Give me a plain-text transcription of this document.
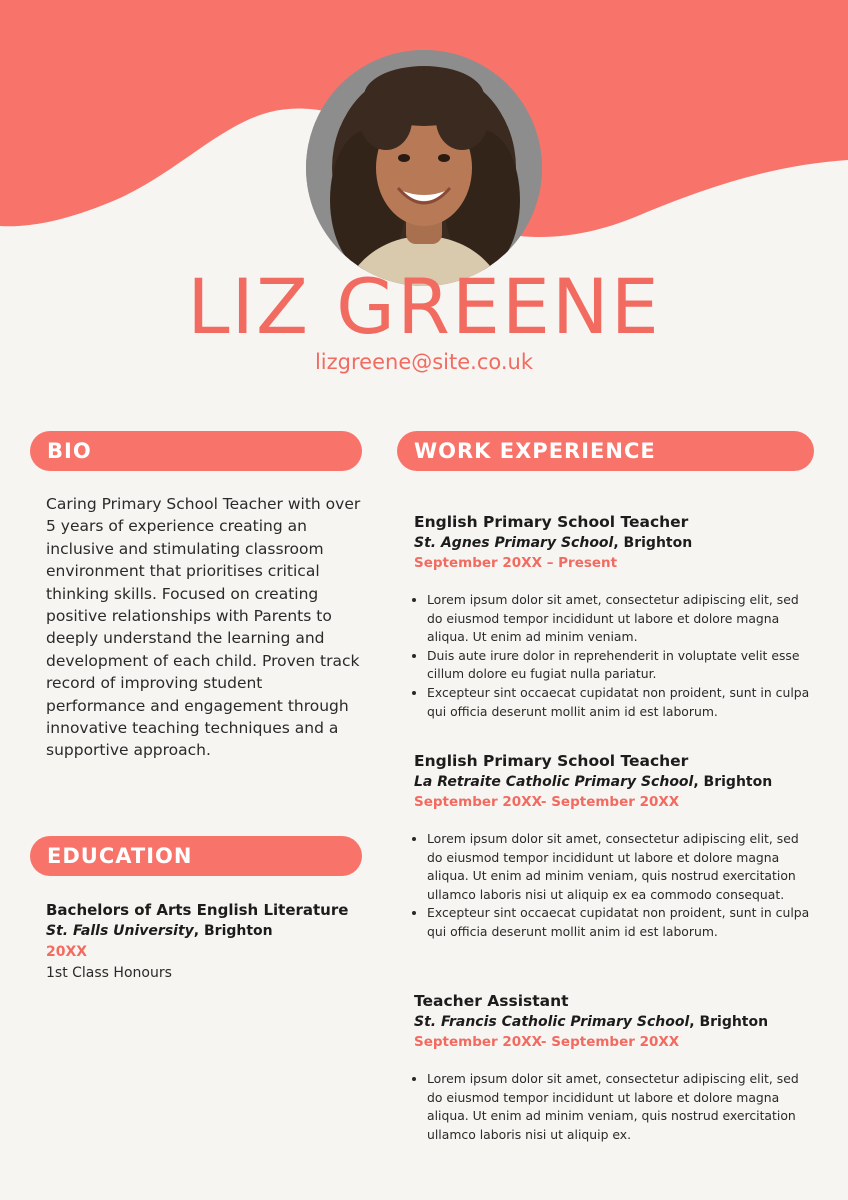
LIZ GREENE
lizgreene@site.co.uk
BIO

Caring Primary School Teacher with over 5 years of experience creating an inclusive and stimulating classroom environment that prioritises critical thinking skills. Focused on creating positive relationships with Parents to deeply understand the learning and development of each child. Proven track record of improving student performance and engagement through innovative teaching techniques and a supportive approach.

EDUCATION
Bachelors of Arts English Literature
St. Falls University, Brighton
20XX
1st Class Honours
WORK EXPERIENCE
English Primary School Teacher
St. Agnes Primary School, Brighton
September 20XX – Present
• Lorem ipsum dolor sit amet, consectetur adipiscing elit, sed do eiusmod tempor incididunt ut labore et dolore magna aliqua. Ut enim ad minim veniam.
• Duis aute irure dolor in reprehenderit in voluptate velit esse cillum dolore eu fugiat nulla pariatur.
• Excepteur sint occaecat cupidatat non proident, sunt in culpa qui officia deserunt mollit anim id est laborum.
English Primary School Teacher
La Retraite Catholic Primary School, Brighton
September 20XX- September 20XX
• Lorem ipsum dolor sit amet, consectetur adipiscing elit, sed do eiusmod tempor incididunt ut labore et dolore magna aliqua. Ut enim ad minim veniam, quis nostrud exercitation ullamco laboris nisi ut aliquip ex ea commodo consequat.
• Excepteur sint occaecat cupidatat non proident, sunt in culpa qui officia deserunt mollit anim id est laborum.
Teacher Assistant
St. Francis Catholic Primary School, Brighton
September 20XX- September 20XX
• Lorem ipsum dolor sit amet, consectetur adipiscing elit, sed do eiusmod tempor incididunt ut labore et dolore magna aliqua. Ut enim ad minim veniam, quis nostrud exercitation ullamco laboris nisi ut aliquip ex.
